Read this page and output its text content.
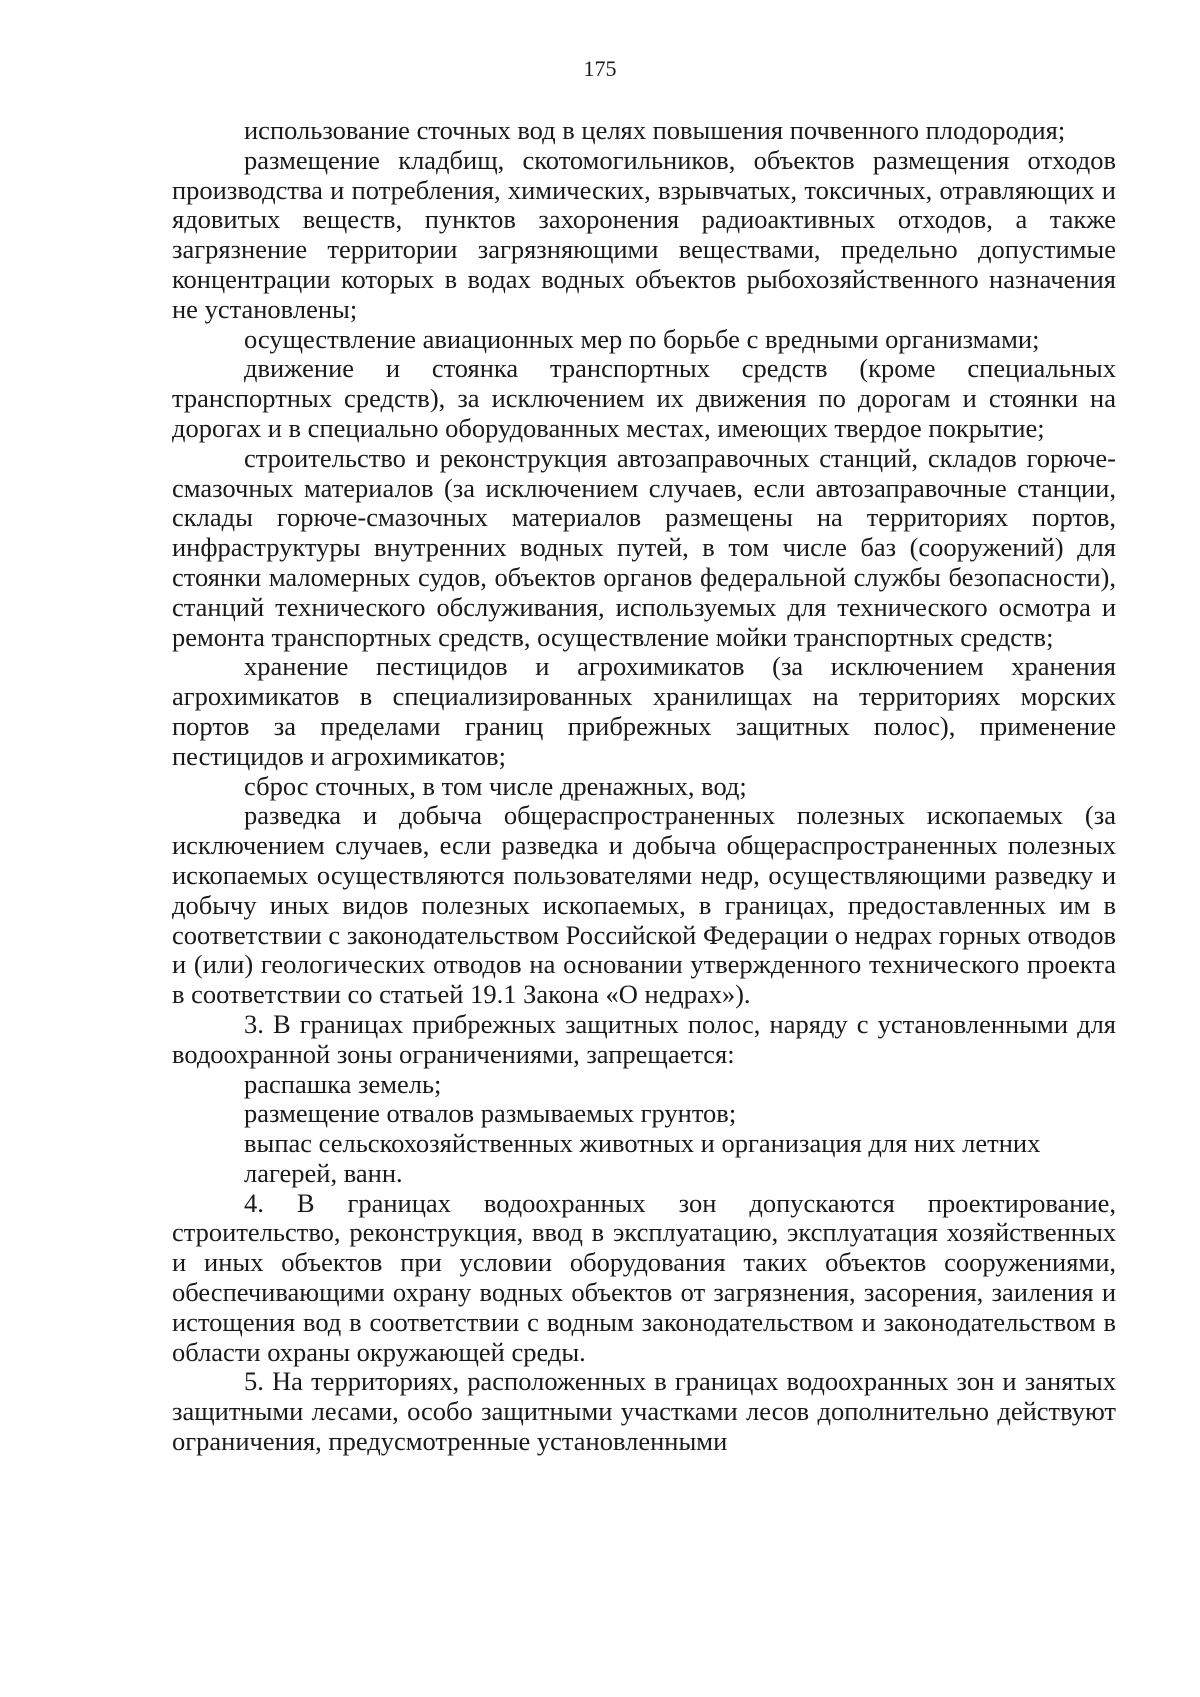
175

использование сточных вод в целях повышения почвенного плодородия;

размещение кладбищ, скотомогильников, объектов размещения отходов производства и потребления, химических, взрывчатых, токсичных, отравляющих и ядовитых веществ, пунктов захоронения радиоактивных отходов, а также загрязнение территории загрязняющими веществами, предельно допустимые концентрации которых в водах водных объектов рыбохозяйственного назначения не установлены;

осуществление авиационных мер по борьбе с вредными организмами;

движение и стоянка транспортных средств (кроме специальных транспортных средств), за исключением их движения по дорогам и стоянки на дорогах и в специально оборудованных местах, имеющих твердое покрытие;

строительство и реконструкция автозаправочных станций, складов горюче-смазочных материалов (за исключением случаев, если автозаправочные станции, склады горюче-смазочных материалов размещены на территориях портов, инфраструктуры внутренних водных путей, в том числе баз (сооружений) для стоянки маломерных судов, объектов органов федеральной службы безопасности), станций технического обслуживания, используемых для технического осмотра и ремонта транспортных средств, осуществление мойки транспортных средств;

хранение пестицидов и агрохимикатов (за исключением хранения агрохимикатов в специализированных хранилищах на территориях морских портов за пределами границ прибрежных защитных полос), применение пестицидов и агрохимикатов;

сброс сточных, в том числе дренажных, вод;

разведка и добыча общераспространенных полезных ископаемых (за исключением случаев, если разведка и добыча общераспространенных полезных ископаемых осуществляются пользователями недр, осуществляющими разведку и добычу иных видов полезных ископаемых, в границах, предоставленных им в соответствии с законодательством Российской Федерации о недрах горных отводов и (или) геологических отводов на основании утвержденного технического проекта в соответствии со статьей 19.1 Закона «О недрах»).

3. В границах прибрежных защитных полос, наряду с установленными для водоохранной зоны ограничениями, запрещается:

распашка земель;

размещение отвалов размываемых грунтов;

выпас сельскохозяйственных животных и организация для них летних лагерей, ванн.

4. В границах водоохранных зон допускаются проектирование, строительство, реконструкция, ввод в эксплуатацию, эксплуатация хозяйственных и иных объектов при условии оборудования таких объектов сооружениями, обеспечивающими охрану водных объектов от загрязнения, засорения, заиления и истощения вод в соответствии с водным законодательством и законодательством в области охраны окружающей среды.

5. На территориях, расположенных в границах водоохранных зон и занятых защитными лесами, особо защитными участками лесов дополнительно действуют ограничения, предусмотренные установленными
